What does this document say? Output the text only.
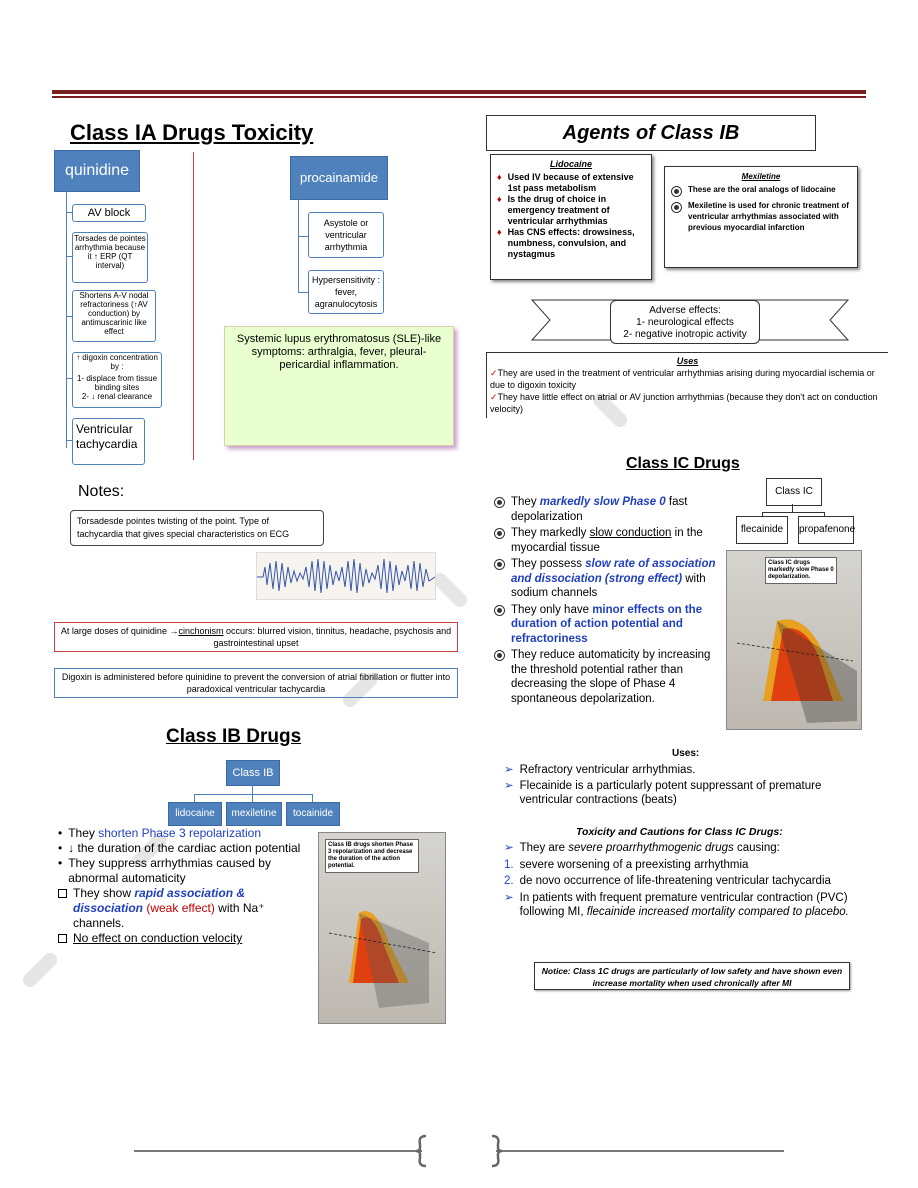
Class IA Drugs Toxicity
quinidine
AV block
Torsades de pointes arrhythmia because it ↑ ERP (QT interval)
Shortens A-V nodal refractoriness (↑AV conduction) by antimuscarinic like effect
↑ digoxin concentration by :
1- displace from tissue binding sites
2- ↓ renal clearance
Ventricular tachycardia
procainamide
Asystole or ventricular arrhythmia
Hypersensitivity : fever, agranulocytosis
Systemic lupus erythromatosus (SLE)-like symptoms: arthralgia, fever, pleural-pericardial inflammation.
Notes:
Torsadesde pointes twisting of the point. Type of tachycardia that gives special characteristics on ECG
At large doses of quinidine →cinchonism occurs: blurred vision, tinnitus, headache, psychosis and gastrointestinal upset
Digoxin is administered before quinidine to prevent the conversion of atrial fibrillation or flutter into paradoxical ventricular tachycardia
Class IB Drugs
Class IB
lidocaine	mexiletine	tocainide
• They shorten Phase 3 repolarization
• ↓ the duration of the cardiac action potential
• They suppress arrhythmias caused by abnormal automaticity
They show rapid association & dissociation (weak effect) with Na⁺ channels.
No effect on conduction velocity
Class IB drugs shorten Phase 3 repolarization and decrease the duration of the action potential.
Agents of Class IB
Lidocaine
♦ Used IV because of extensive 1st pass metabolism
♦ Is the drug of choice in emergency treatment of ventricular arrhythmias
♦ Has CNS effects: drowsiness, numbness, convulsion, and nystagmus
Mexiletine
These are the oral analogs of lidocaine
Mexiletine is used for chronic treatment of ventricular arrhythmias associated with previous myocardial infarction
Adverse effects:
1- neurological effects
2- negative inotropic activity
Uses
✓They are used in the treatment of ventricular arrhythmias arising during myocardial ischemia or due to digoxin toxicity
✓They have little effect on atrial or AV junction arrhythmias (because they don't act on conduction velocity)
Class IC Drugs
Class IC
flecainide	propafenone
They markedly slow Phase 0 fast depolarization
They markedly slow conduction in the myocardial tissue
They possess slow rate of association and dissociation (strong effect) with sodium channels
They only have minor effects on the duration of action potential and refractoriness
They reduce automaticity by increasing the threshold potential rather than decreasing the slope of Phase 4 spontaneous depolarization.
Class IC drugs markedly slow Phase 0 depolarization.
Uses:
➢ Refractory ventricular arrhythmias.
➢ Flecainide is a particularly potent suppressant of premature ventricular contractions (beats)
Toxicity and Cautions for Class IC Drugs:
➢ They are severe proarrhythmogenic drugs causing:
1. severe worsening of a preexisting arrhythmia
2. de novo occurrence of life-threatening ventricular tachycardia
➢ In patients with frequent premature ventricular contraction (PVC) following MI, flecainide increased mortality compared to placebo.
Notice: Class 1C drugs are particularly of low safety and have shown even increase mortality when used chronically after MI
